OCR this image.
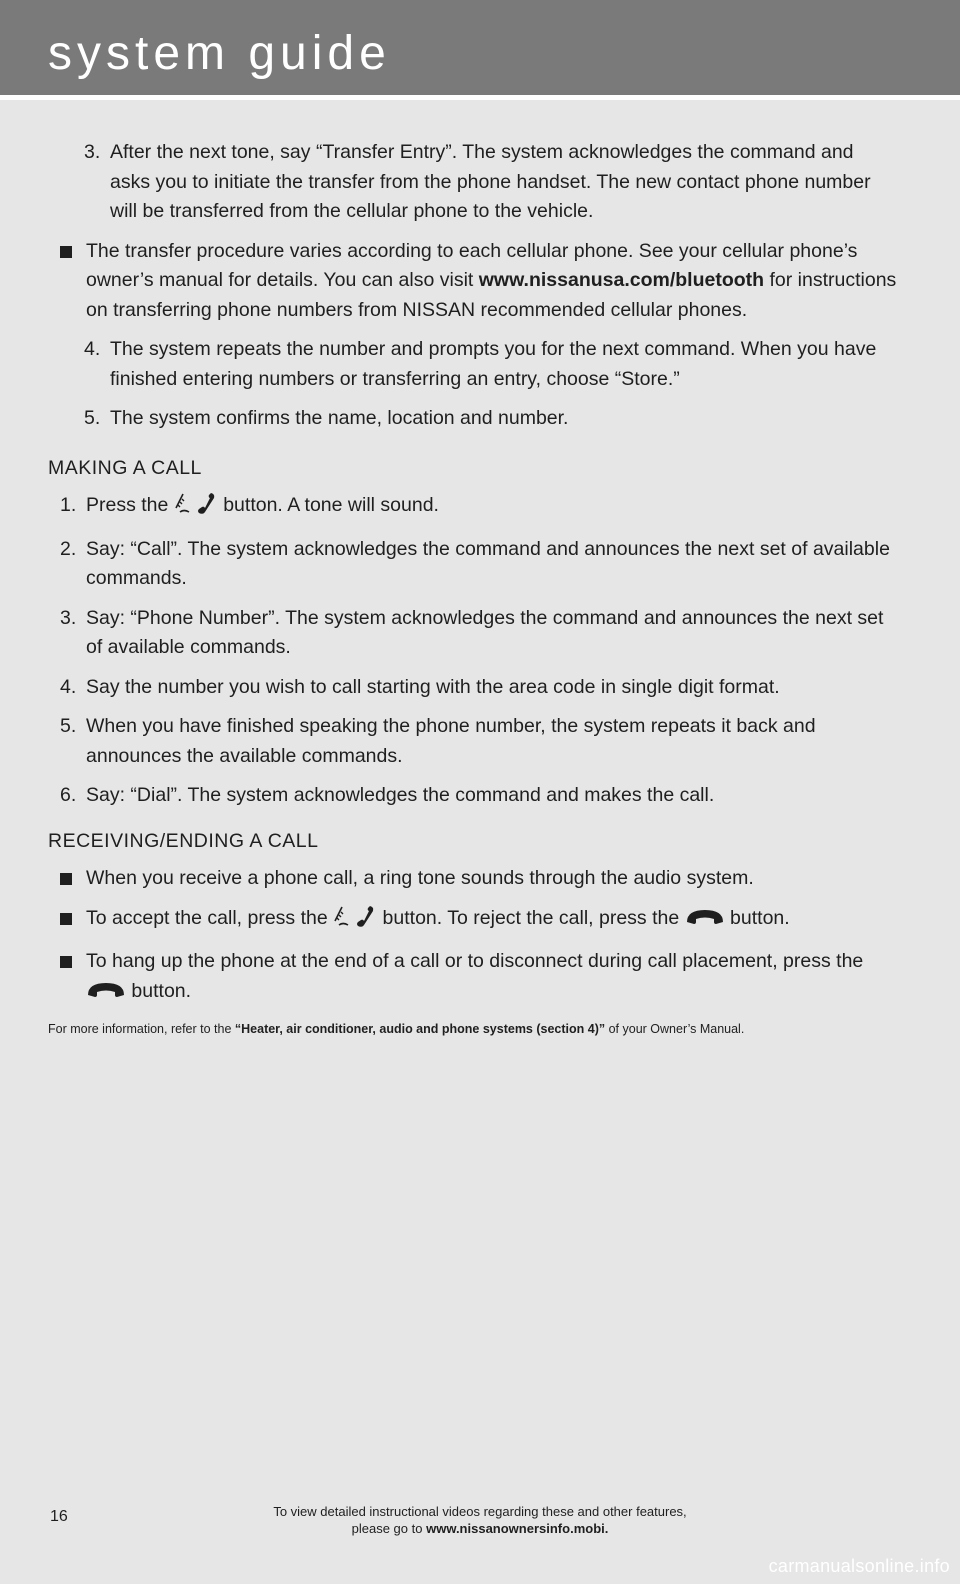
system guide
3. After the next tone, say “Transfer Entry”. The system acknowledges the command and asks you to initiate the transfer from the phone handset. The new contact phone number will be transferred from the cellular phone to the vehicle.
The transfer procedure varies according to each cellular phone. See your cellular phone’s owner’s manual for details. You can also visit www.nissanusa.com/bluetooth for instructions on transferring phone numbers from NISSAN recommended cellular phones.
4. The system repeats the number and prompts you for the next command. When you have finished entering numbers or transferring an entry, choose “Store.”
5. The system confirms the name, location and number.
MAKING A CALL
1. Press the  button. A tone will sound.
2. Say: “Call”. The system acknowledges the command and announces the next set of available commands.
3. Say: “Phone Number”. The system acknowledges the command and announces the next set of available commands.
4. Say the number you wish to call starting with the area code in single digit format.
5. When you have finished speaking the phone number, the system repeats it back and announces the available commands.
6. Say: “Dial”. The system acknowledges the command and makes the call.
RECEIVING/ENDING A CALL
When you receive a phone call, a ring tone sounds through the audio system.
To accept the call, press the  button. To reject the call, press the  button.
To hang up the phone at the end of a call or to disconnect during call placement, press the  button.
For more information, refer to the “Heater, air conditioner, audio and phone systems (section 4)” of your Owner’s Manual.
16	To view detailed instructional videos regarding these and other features,
please go to www.nissanownersinfo.mobi.
carmanualsonline.info
